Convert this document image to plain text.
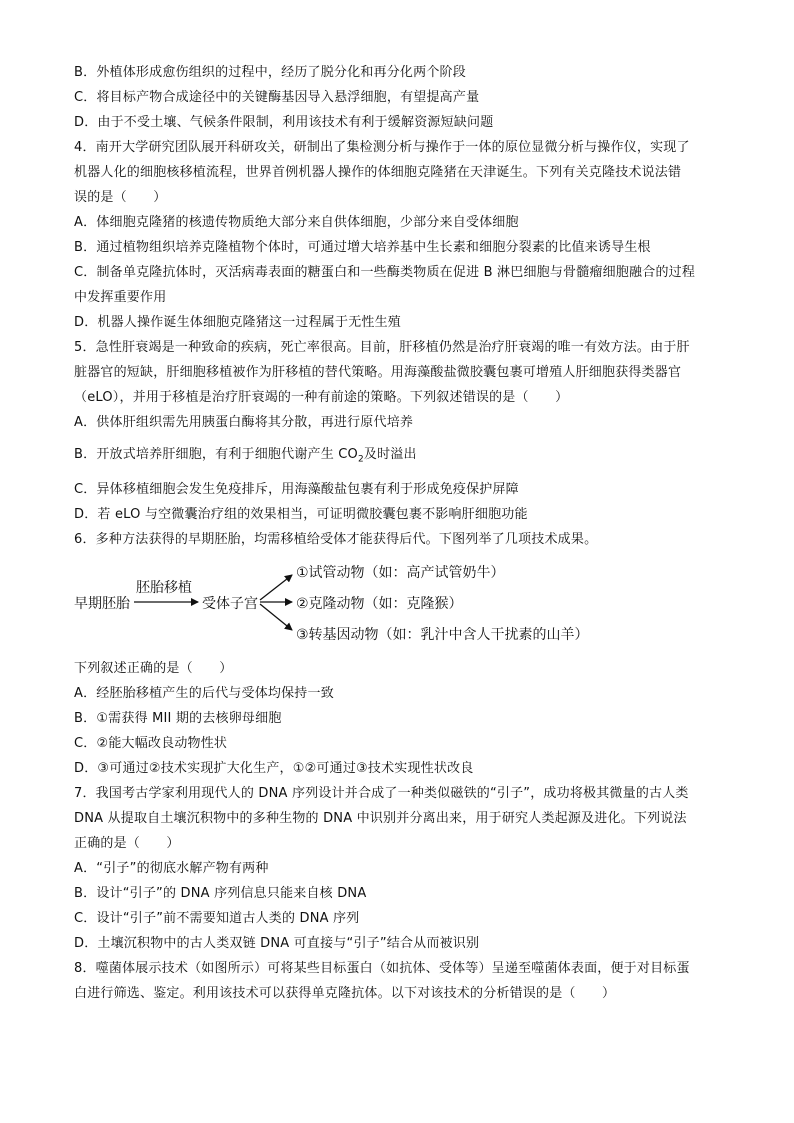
B．外植体形成愈伤组织的过程中，经历了脱分化和再分化两个阶段
C．将目标产物合成途径中的关键酶基因导入悬浮细胞，有望提高产量
D．由于不受土壤、气候条件限制，利用该技术有利于缓解资源短缺问题
4．南开大学研究团队展开科研攻关，研制出了集检测分析与操作于一体的原位显微分析与操作仪，实现了
机器人化的细胞核移植流程，世界首例机器人操作的体细胞克隆猪在天津诞生。下列有关克隆技术说法错
误的是（　　）
A．体细胞克隆猪的核遗传物质绝大部分来自供体细胞，少部分来自受体细胞
B．通过植物组织培养克隆植物个体时，可通过增大培养基中生长素和细胞分裂素的比值来诱导生根
C．制备单克隆抗体时，灭活病毒表面的糖蛋白和一些酶类物质在促进 B 淋巴细胞与骨髓瘤细胞融合的过程
中发挥重要作用
D．机器人操作诞生体细胞克隆猪这一过程属于无性生殖
5．急性肝衰竭是一种致命的疾病，死亡率很高。目前，肝移植仍然是治疗肝衰竭的唯一有效方法。由于肝
脏器官的短缺，肝细胞移植被作为肝移植的替代策略。用海藻酸盐微胶囊包裹可增殖人肝细胞获得类器官
（eLO），并用于移植是治疗肝衰竭的一种有前途的策略。下列叙述错误的是（　　）
A．供体肝组织需先用胰蛋白酶将其分散，再进行原代培养
B．开放式培养肝细胞，有利于细胞代谢产生 $CO_2$及时溢出
C．异体移植细胞会发生免疫排斥，用海藻酸盐包裹有利于形成免疫保护屏障
D．若 eLO 与空微囊治疗组的效果相当，可证明微胶囊包裹不影响肝细胞功能
6．多种方法获得的早期胚胎，均需移植给受体才能获得后代。下图列举了几项技术成果。
早期胚胎
胚胎移植
受体子宫
①试管动物（如：高产试管奶牛）
②克隆动物（如：克隆猴）
③转基因动物（如：乳汁中含人干扰素的山羊）
下列叙述正确的是（　　）
A．经胚胎移植产生的后代与受体均保持一致
B．①需获得 MII 期的去核卵母细胞
C．②能大幅改良动物性状
D．③可通过②技术实现扩大化生产，①②可通过③技术实现性状改良
7．我国考古学家利用现代人的 DNA 序列设计并合成了一种类似磁铁的“引子”，成功将极其微量的古人类
DNA 从提取自土壤沉积物中的多种生物的 DNA 中识别并分离出来，用于研究人类起源及进化。下列说法
正确的是（　　）
A．“引子”的彻底水解产物有两种
B．设计“引子”的 DNA 序列信息只能来自核 DNA
C．设计“引子”前不需要知道古人类的 DNA 序列
D．土壤沉积物中的古人类双链 DNA 可直接与“引子”结合从而被识别
8．噬菌体展示技术（如图所示）可将某些目标蛋白（如抗体、受体等）呈递至噬菌体表面，便于对目标蛋
白进行筛选、鉴定。利用该技术可以获得单克隆抗体。以下对该技术的分析错误的是（　　）
